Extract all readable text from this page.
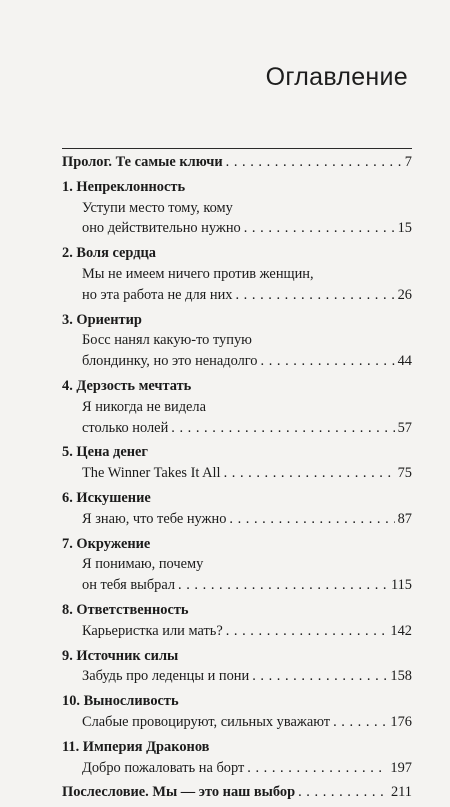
Оглавление
Пролог. Те самые ключи . . .	7
1. Непреклонность
Уступи место тому, кому
оно действительно нужно . . .	15
2. Воля сердца
Мы не имеем ничего против женщин,
но эта работа не для них . . .	26
3. Ориентир
Босс нанял какую-то тупую
блондинку, но это ненадолго . . .	44
4. Дерзость мечтать
Я никогда не видела
столько нолей . . .	57
5. Цена денег
The Winner Takes It All . . .	75
6. Искушение
Я знаю, что тебе нужно . . .	87
7. Окружение
Я понимаю, почему
он тебя выбрал . . .	115
8. Ответственность
Карьеристка или мать? . . .	142
9. Источник силы
Забудь про леденцы и пони . . .	158
10. Выносливость
Слабые провоцируют, сильных уважают . . .	176
11. Империя Драконов
Добро пожаловать на борт . . .	197
Послесловие. Мы — это наш выбор . . .	211
